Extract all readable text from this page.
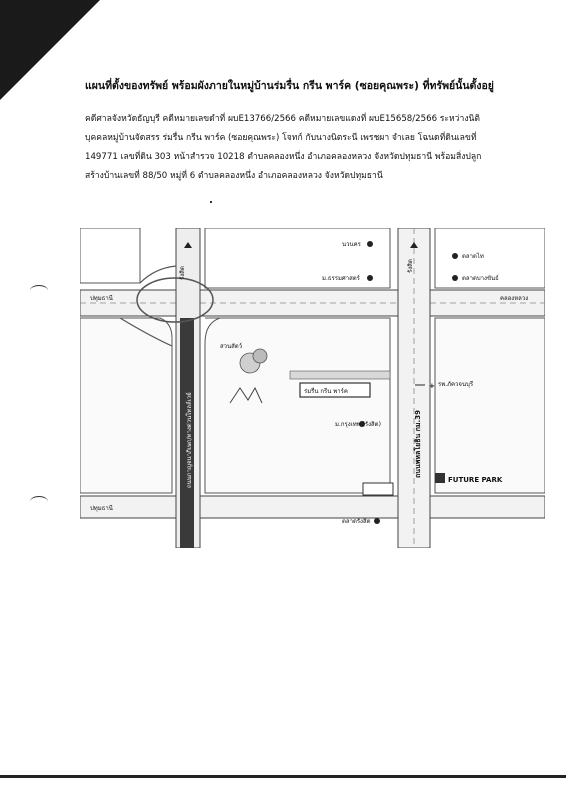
แผนที่ตั้งของทรัพย์ พร้อมผังภายในหมู่บ้านร่มรื่น กรีน พาร์ค (ซอยคุณพระ) ที่ทรัพย์นั้นตั้งอยู่
คดีศาลจังหวัดธัญบุรี คดีหมายเลขดำที่ ผบE13766/2566 คดีหมายเลขแดงที่ ผบE15658/2566 ระหว่างนิติ
บุคคลหมู่บ้านจัดสรร ร่มรื่น กรีน พาร์ค (ซอยคุณพระ) โจทก์ กับนางนิตระนี เพรชผา จำเลย โฉนดที่ดินเลขที่
149771 เลขที่ดิน 303 หน้าสำรวจ 10218 ตำบลคลองหนึ่ง อำเภอคลองหลวง จังหวัดปทุมธานี พร้อมสิ่งปลูก
สร้างบ้านเลขที่ 88/50 หมู่ที่ 6 ตำบลคลองหนึ่ง อำเภอคลองหลวง จังหวัดปทุมธานี
ร่มรื่น กรีน พาร์ค
+
นวนคร
ม.ธรรมศาสตร์
ตลาดไท
ตลาดบางขันธ์
คลองหลวง
ปทุมธานี
ปทุมธานี
รพ.ภัควจนบุรี
ม.กรุงเทพ (รังสิต)
ตลาดรังสิต
FUTURE PARK
สวนสัตว์
รังสิต
รังสิต
ถนนพหลโยธิน กม.39
ถนนกาญจนาภิเษก/ทางด่วนโทลล์เวย์
